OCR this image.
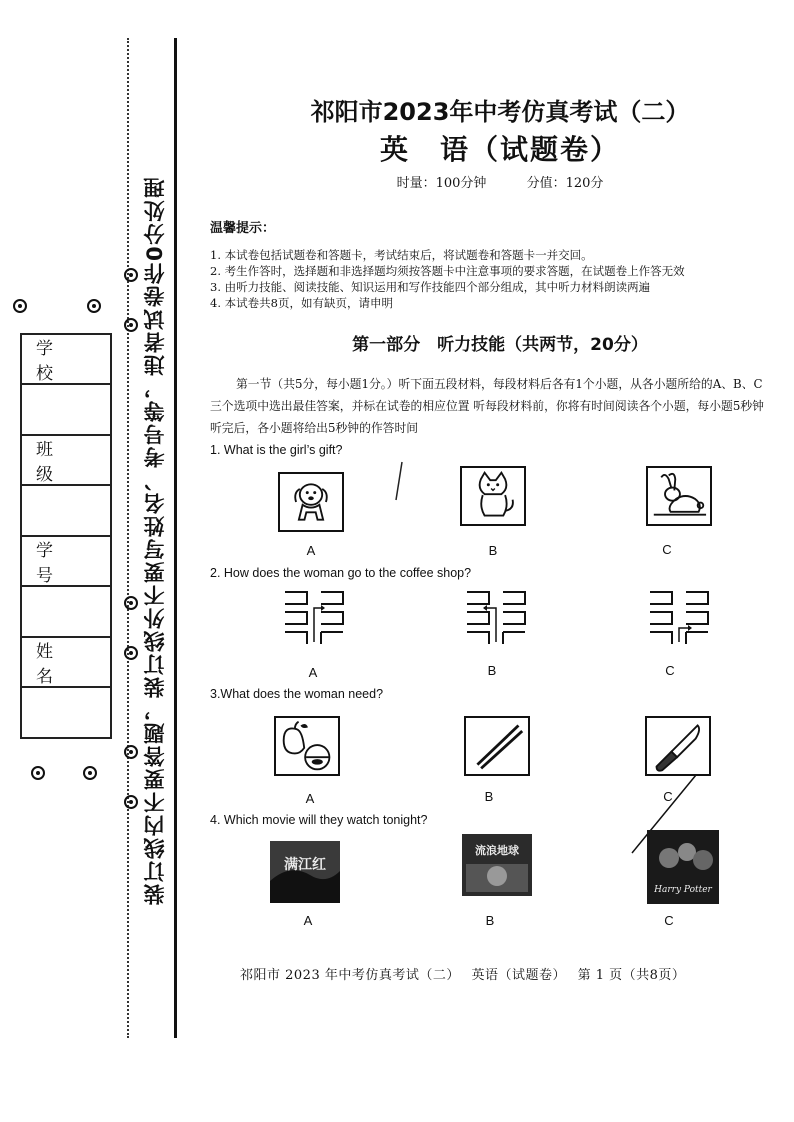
装订线内不要答题，装订线外不要写姓名、考号等，违者试卷作0分处理
学 校
班 级
学 号
姓 名
祁阳市2023年中考仿真考试（二）
英　语（试题卷）
时量：100分钟	分值：120分
温馨提示：
1. 本试卷包括试题卷和答题卡，考试结束后，将试题卷和答题卡一并交回。
2. 考生作答时，选择题和非选择题均须按答题卡中注意事项的要求答题，在试题卷上作答无效
3. 由听力技能、阅读技能、知识运用和写作技能四个部分组成，其中听力材料朗读两遍
4. 本试卷共8页，如有缺页，请申明
第一部分　听力技能（共两节，20分）

第一节（共5分，每小题1分。）听下面五段材料，每段材料后各有1个小题，从各小题所给的A、B、C三个选项中选出最佳答案，并标在试卷的相应位置 听每段材料前，你将有时间阅读各个小题，每小题5秒钟 听完后，各小题将给出5秒钟的作答时间

1. What is the girl’s gift?
A	B	C
2. How does the woman go to the coffee shop?
A	B	C
3.What does the woman need?
A	B	C
4. Which movie will they watch tonight?
满江红
流浪地球
Harry Potter
A	B	C
祁阳市 2023 年中考仿真考试（二）　 英语（试题卷）　 第 1 页（共8页）
